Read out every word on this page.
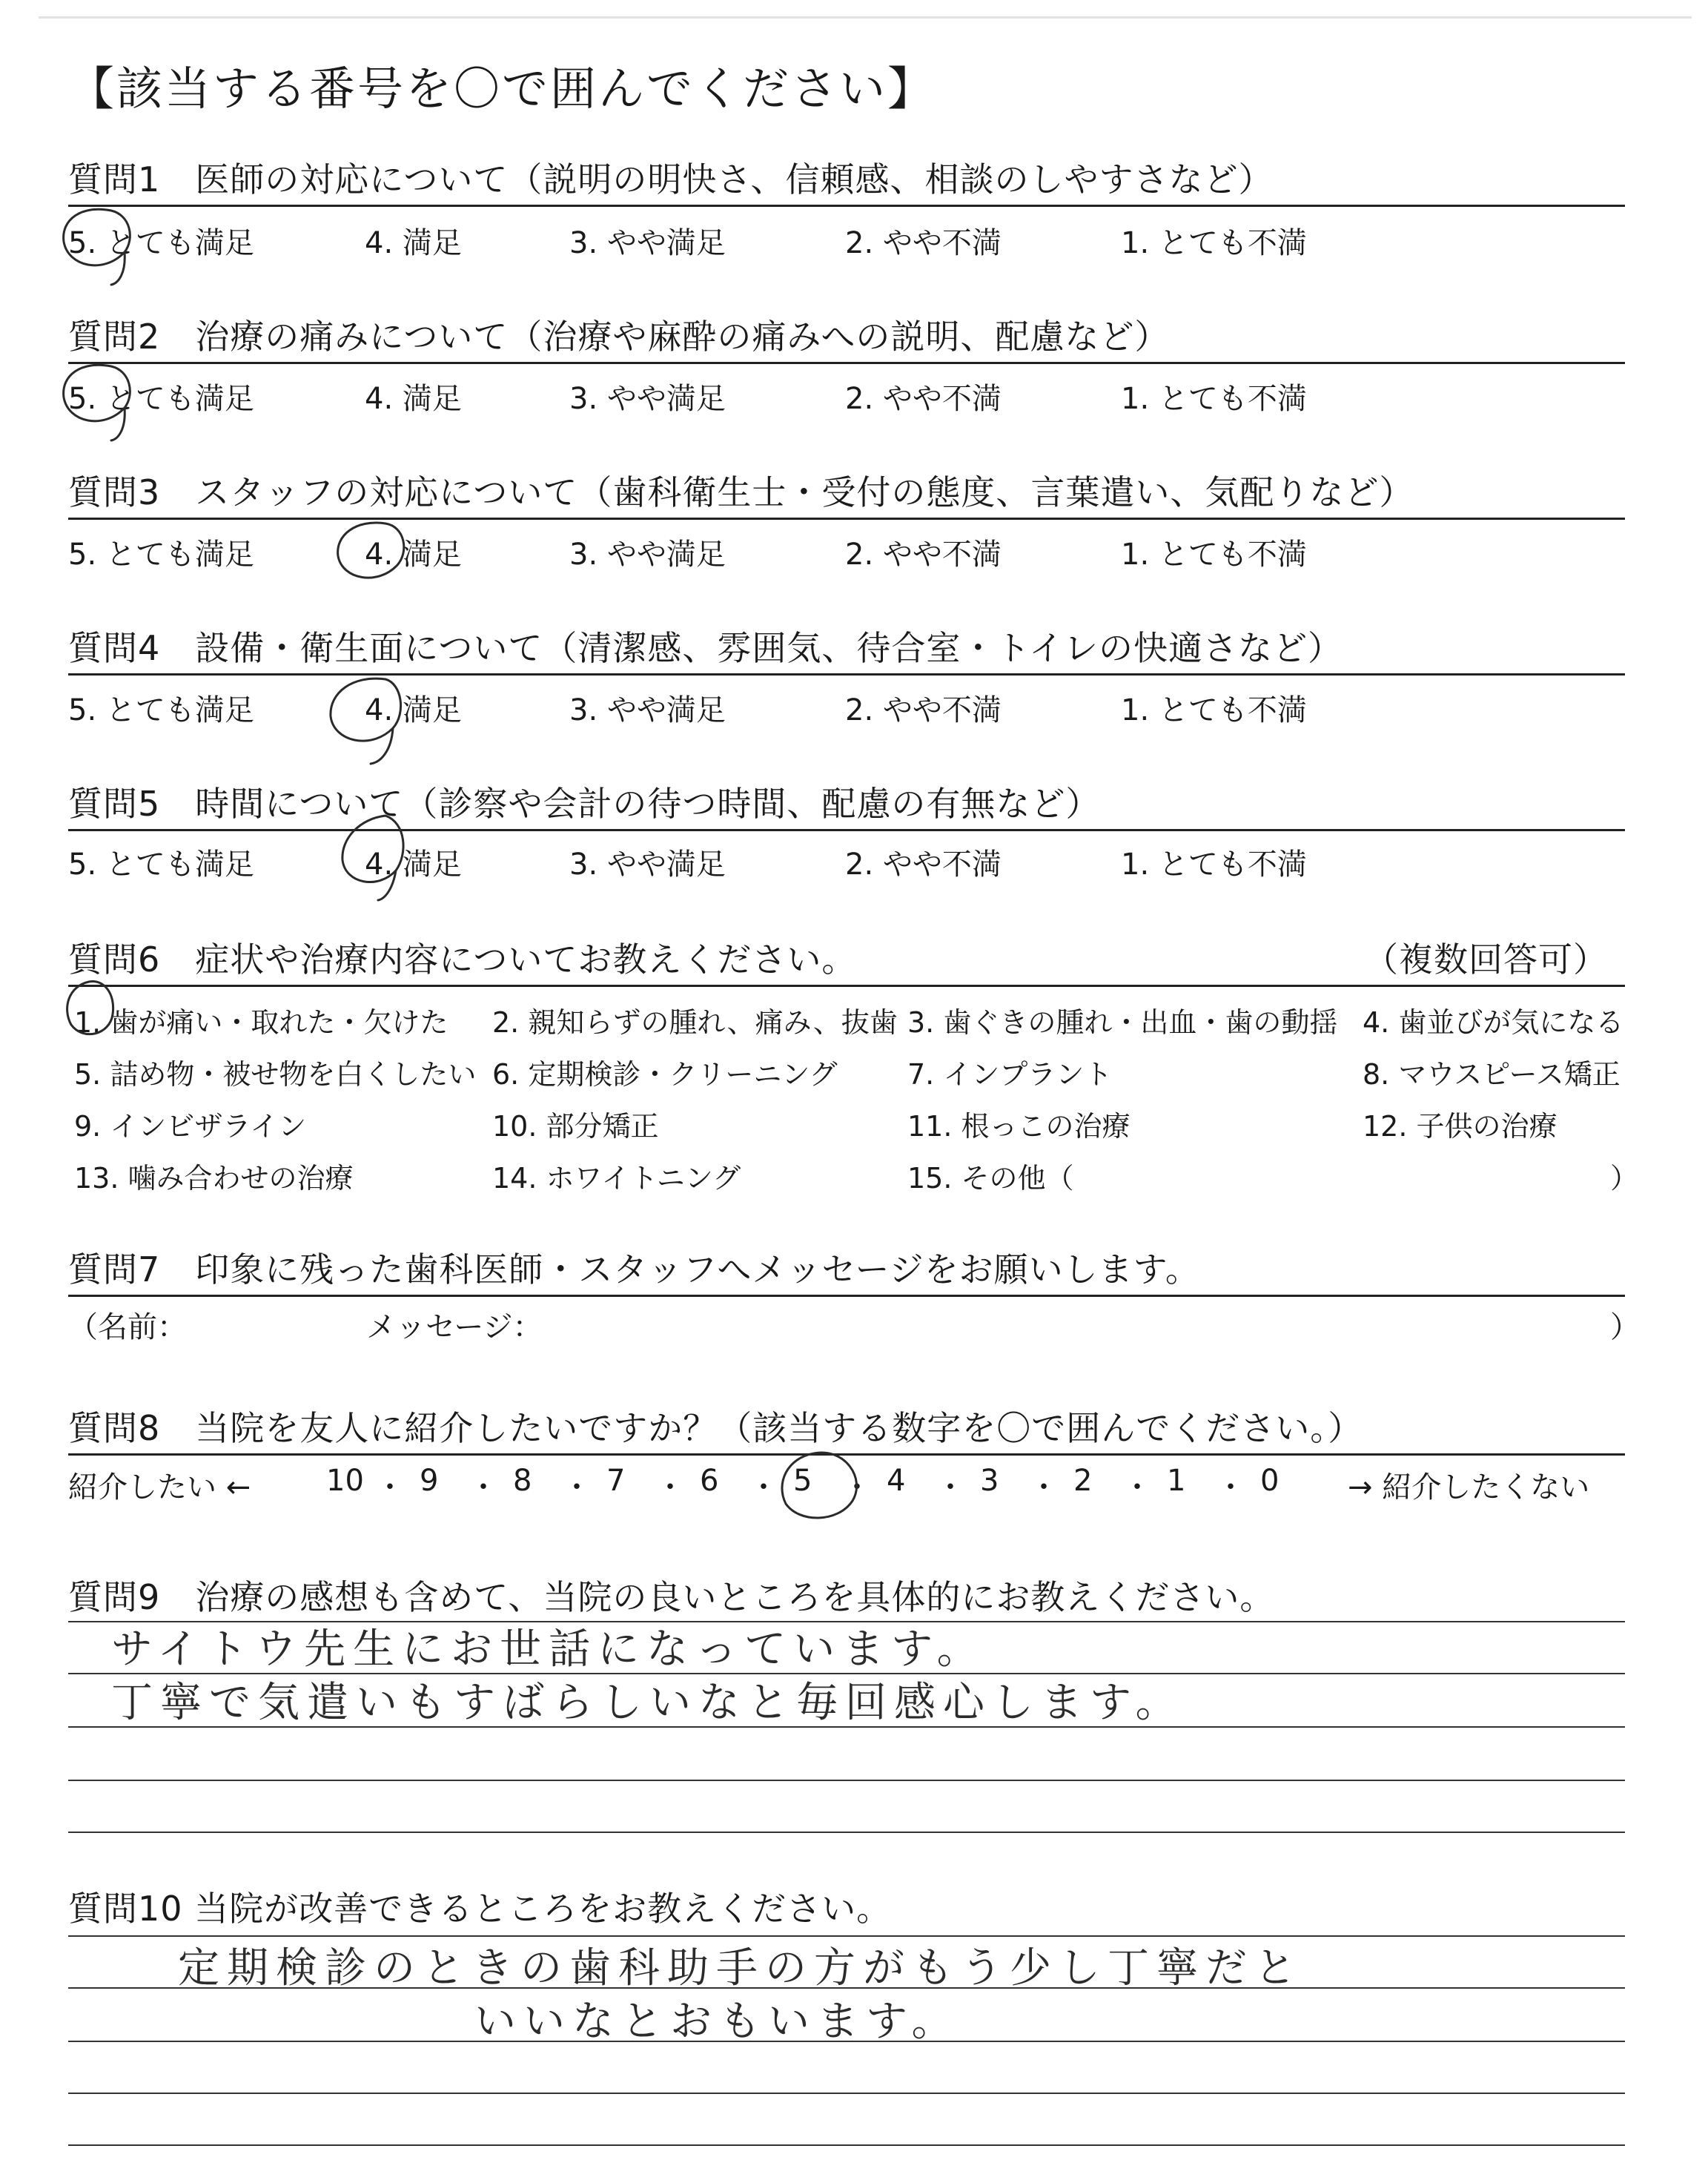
【該当する番号を〇で囲んでください】
質問1　医師の対応について（説明の明快さ、信頼感、相談のしやすさなど）
5. とても満足	4. 満足	3. やや満足	2. やや不満	1. とても不満
質問2　治療の痛みについて（治療や麻酔の痛みへの説明、配慮など）
5. とても満足	4. 満足	3. やや満足	2. やや不満	1. とても不満
質問3　スタッフの対応について（歯科衛生士・受付の態度、言葉遣い、気配りなど）
5. とても満足	4. 満足	3. やや満足	2. やや不満	1. とても不満
質問4　設備・衛生面について（清潔感、雰囲気、待合室・トイレの快適さなど）
5. とても満足	4. 満足	3. やや満足	2. やや不満	1. とても不満
質問5　時間について（診察や会計の待つ時間、配慮の有無など）
5. とても満足	4. 満足	3. やや満足	2. やや不満	1. とても不満
質問6　症状や治療内容についてお教えください。	（複数回答可）
1. 歯が痛い・取れた・欠けた 2. 親知らずの腫れ、痛み、抜歯 3. 歯ぐきの腫れ・出血・歯の動揺 4. 歯並びが気になる
5. 詰め物・被せ物を白くしたい 6. 定期検診・クリーニング 7. インプラント	8. マウスピース矯正
9. インビザライン	10. 部分矯正	11. 根っこの治療	12. 子供の治療
13. 噛み合わせの治療	14. ホワイトニング	15. その他（	）
質問7　印象に残った歯科医師・スタッフへメッセージをお願いします。
（名前：	メッセージ：	）
質問8　当院を友人に紹介したいですか？（該当する数字を〇で囲んでください。）
紹介したい ←	10 ・ 9 ・ 8 ・ 7 ・ 6 ・ 5 ・ 4 ・ 3 ・ 2 ・ 1 ・ 0 → 紹介したくない
質問9　治療の感想も含めて、当院の良いところを具体的にお教えください。
サイトウ先生にお世話になっています。
丁寧で気遣いもすばらしいなと毎回感心します。
質問10 当院が改善できるところをお教えください。
定期検診のときの歯科助手の方がもう少し丁寧だと
いいなとおもいます。
